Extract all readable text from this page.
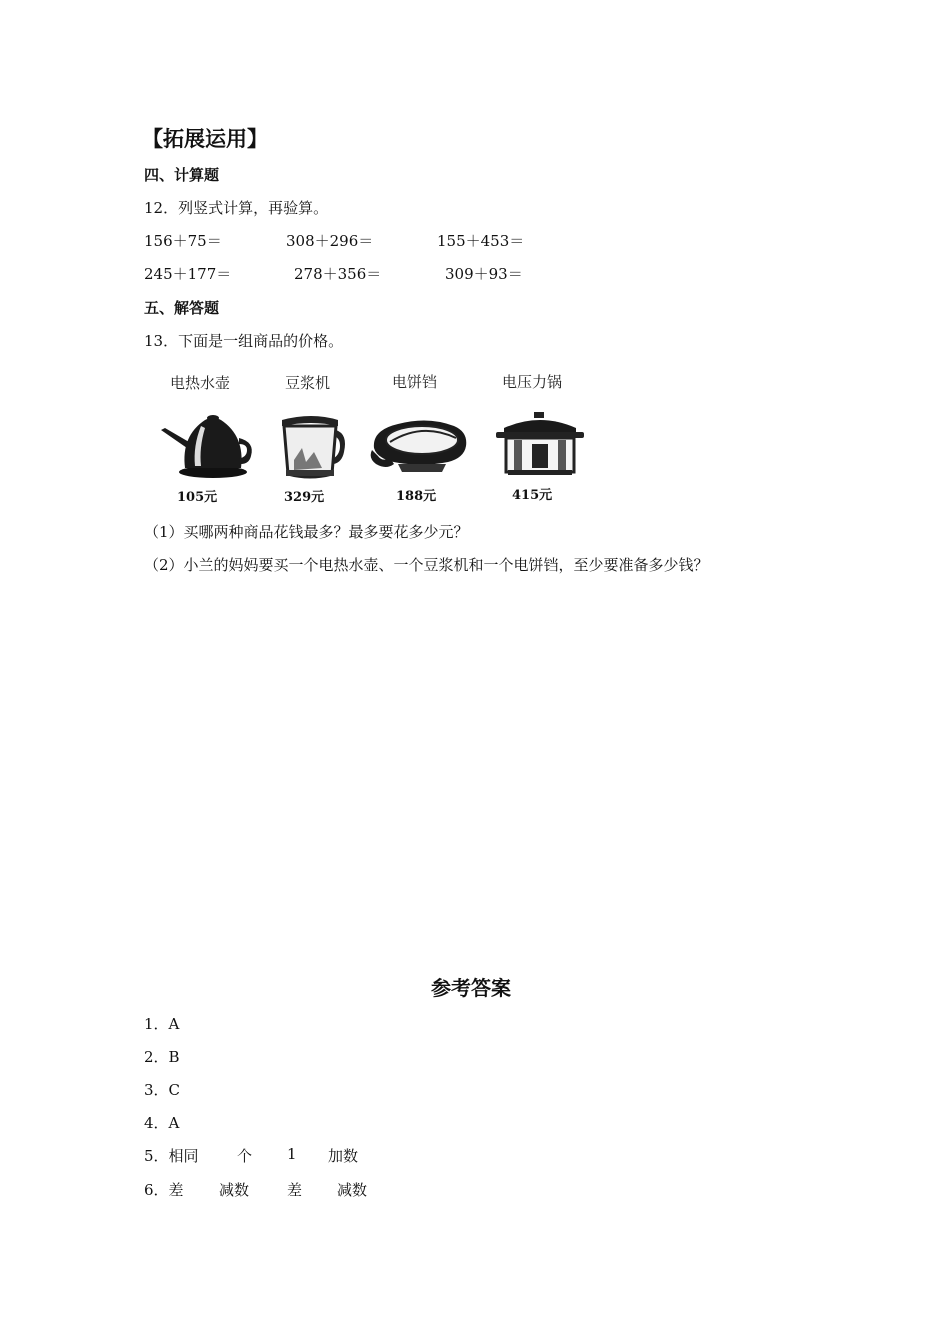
【拓展运用】
四、计算题
12．列竖式计算，再验算。
156＋75＝	308＋296＝	155＋453＝
245＋177＝	278＋356＝	309＋93＝
五、解答题
13．下面是一组商品的价格。
电热水壶	豆浆机	电饼铛	电压力锅
105元	329元	188元	415元
（1）买哪两种商品花钱最多？最多要花多少元？
（2）小兰的妈妈要买一个电热水壶、一个豆浆机和一个电饼铛，至少要准备多少钱？
参考答案
1．A
2．B
3．C
4．A
5．相同	个 1 加数
6．差 减数	差 减数
